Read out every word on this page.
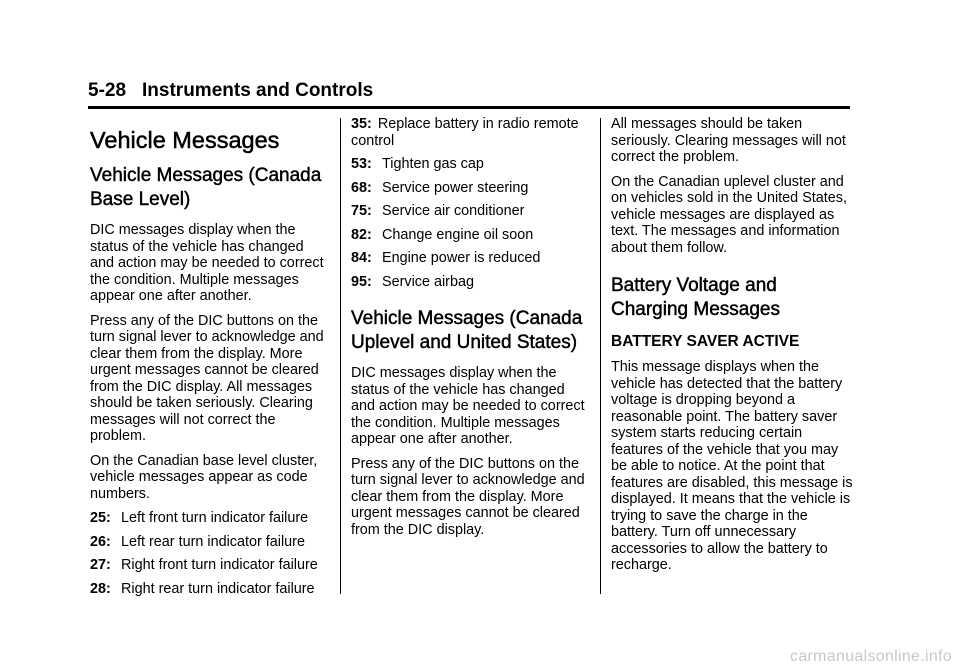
5-28 Instruments and Controls
Vehicle Messages
Vehicle Messages (Canada Base Level)

DIC messages display when the status of the vehicle has changed and action may be needed to correct the condition. Multiple messages appear one after another.

Press any of the DIC buttons on the turn signal lever to acknowledge and clear them from the display. More urgent messages cannot be cleared from the DIC display. All messages should be taken seriously. Clearing messages will not correct the problem.

On the Canadian base level cluster, vehicle messages appear as code numbers.

25: Left front turn indicator failure
26: Left rear turn indicator failure
27: Right front turn indicator failure
28: Right rear turn indicator failure
35: Replace battery in radio remote control
53: Tighten gas cap
68: Service power steering
75: Service air conditioner
82: Change engine oil soon
84: Engine power is reduced
95: Service airbag
Vehicle Messages (Canada Uplevel and United States)

DIC messages display when the status of the vehicle has changed and action may be needed to correct the condition. Multiple messages appear one after another.

Press any of the DIC buttons on the turn signal lever to acknowledge and clear them from the display. More urgent messages cannot be cleared from the DIC display.

All messages should be taken seriously. Clearing messages will not correct the problem.

On the Canadian uplevel cluster and on vehicles sold in the United States, vehicle messages are displayed as text. The messages and information about them follow.

Battery Voltage and Charging Messages
BATTERY SAVER ACTIVE

This message displays when the vehicle has detected that the battery voltage is dropping beyond a reasonable point. The battery saver system starts reducing certain features of the vehicle that you may be able to notice. At the point that features are disabled, this message is displayed. It means that the vehicle is trying to save the charge in the battery. Turn off unnecessary accessories to allow the battery to recharge.

carmanualsonline.info
